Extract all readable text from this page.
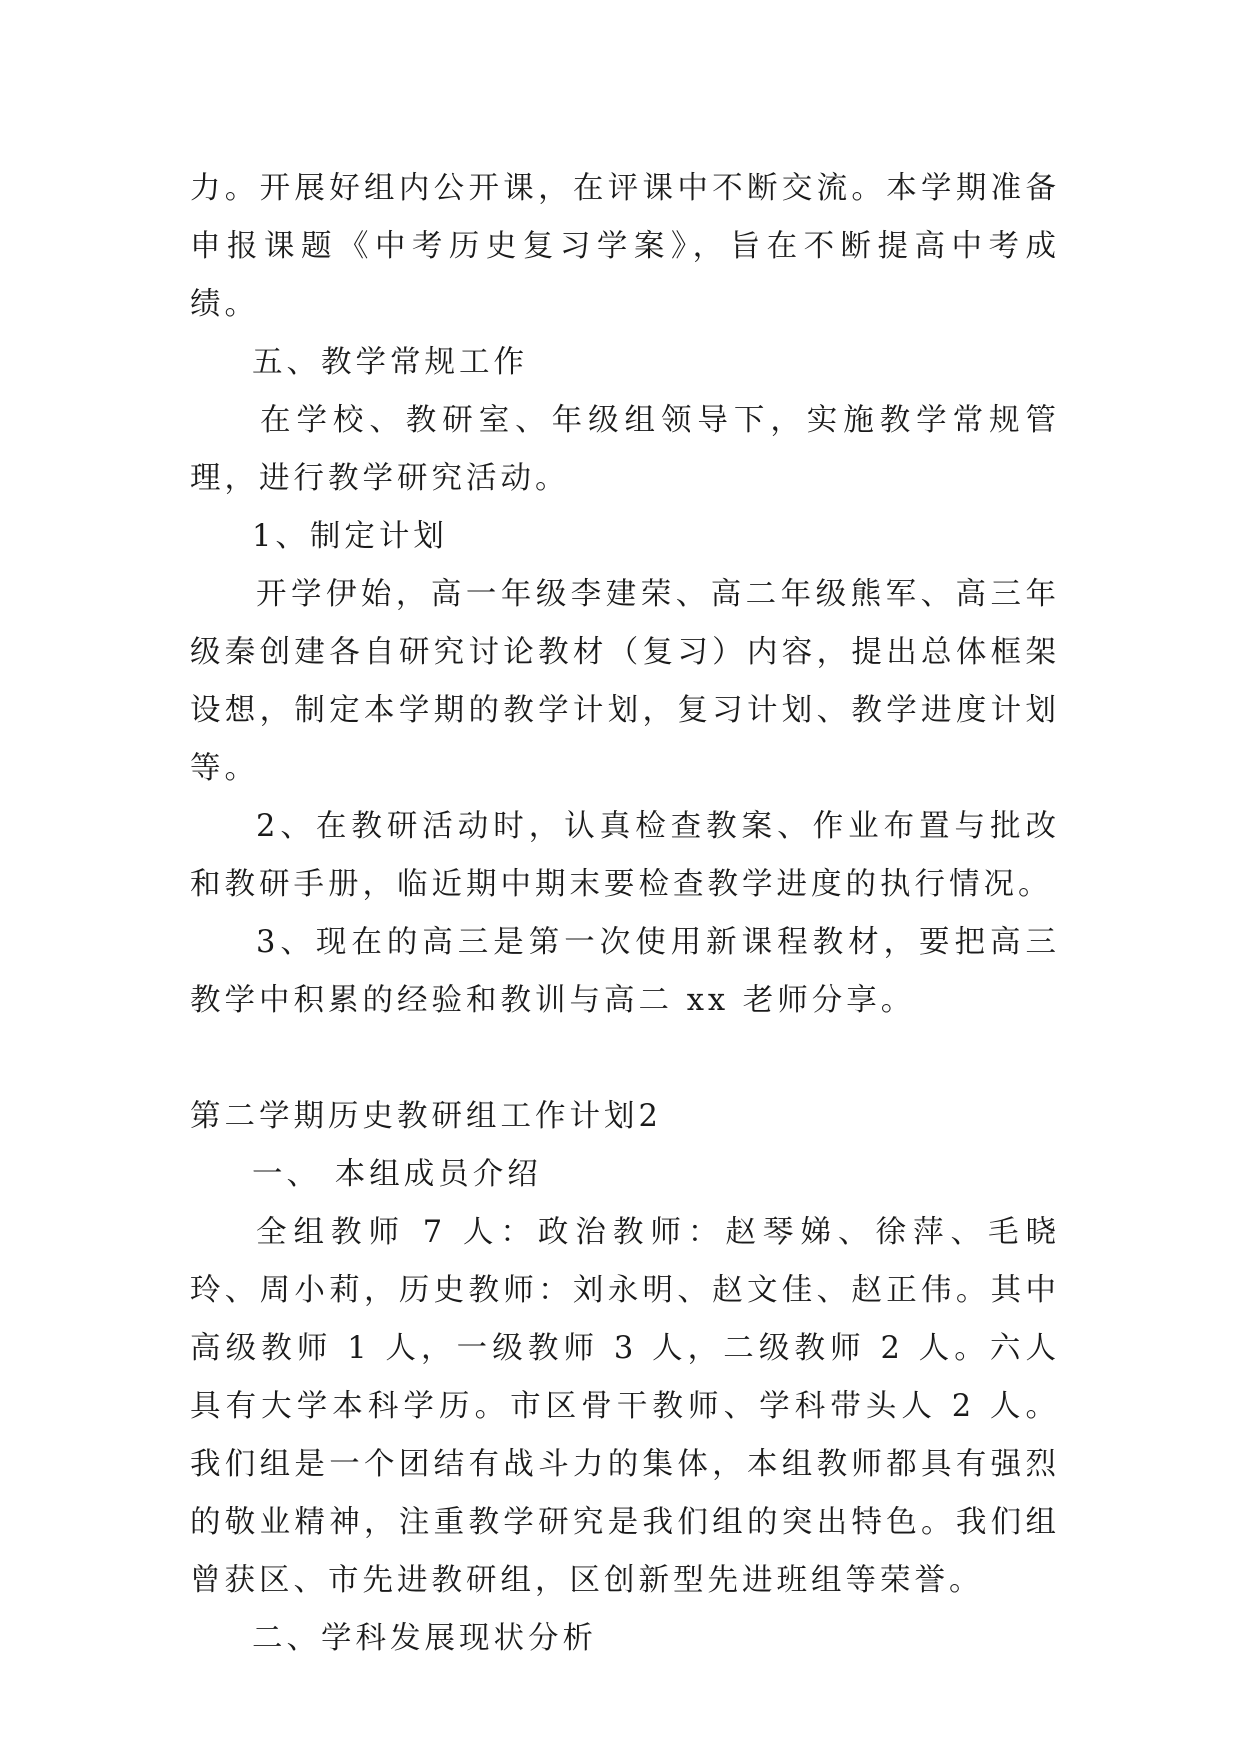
力。开展好组内公开课，在评课中不断交流。本学期准备申报课题《中考历史复习学案》，旨在不断提高中考成绩。

五、教学常规工作

在学校、教研室、年级组领导下，实施教学常规管理，进行教学研究活动。

1、制定计划

开学伊始，高一年级李建荣、高二年级熊军、高三年级秦创建各自研究讨论教材（复习）内容，提出总体框架设想，制定本学期的教学计划，复习计划、教学进度计划等。

2、在教研活动时，认真检查教案、作业布置与批改和教研手册，临近期中期末要检查教学进度的执行情况。

3、现在的高三是第一次使用新课程教材，要把高三教学中积累的经验和教训与高二 xx 老师分享。

第二学期历史教研组工作计划2

一、 本组成员介绍

全组教师 7 人：政治教师：赵琴娣、徐萍、毛晓玲、周小莉，历史教师：刘永明、赵文佳、赵正伟。其中高级教师 1 人，一级教师 3 人，二级教师 2 人。六人具有大学本科学历。市区骨干教师、学科带头人 2 人。我们组是一个团结有战斗力的集体，本组教师都具有强烈的敬业精神，注重教学研究是我们组的突出特色。我们组曾获区、市先进教研组，区创新型先进班组等荣誉。

二、学科发展现状分析
